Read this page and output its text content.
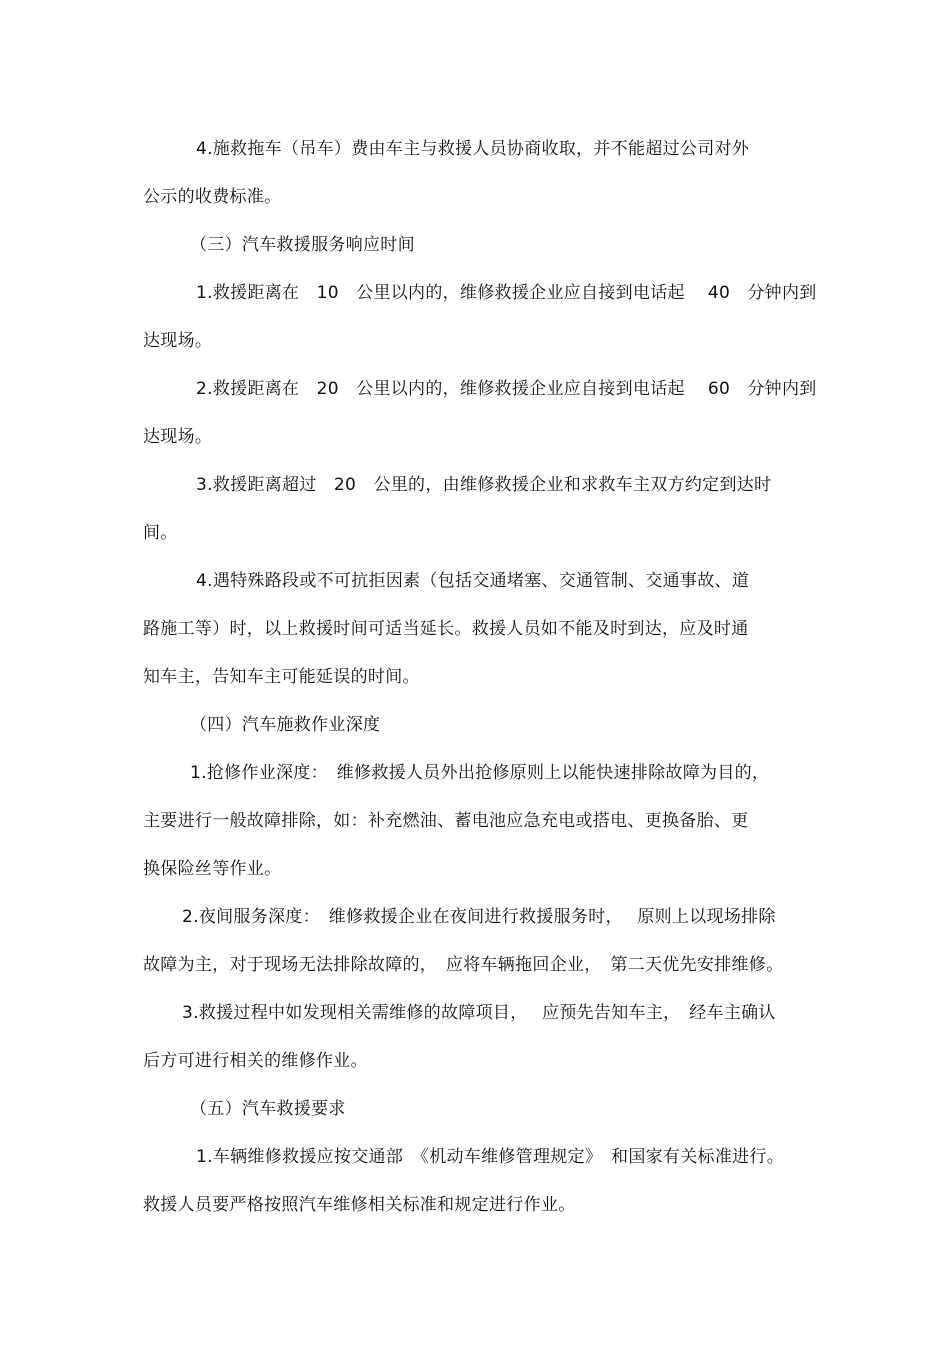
4.施救拖车（吊车）费由车主与救援人员协商收取，并不能超过公司对外
公示的收费标准。
（三）汽车救援服务响应时间
1.救援距离在　10　公里以内的，维修救援企业应自接到电话起　 40　分钟内到
达现场。
2.救援距离在　20　公里以内的，维修救援企业应自接到电话起　 60　分钟内到
达现场。
3.救援距离超过　20　公里的，由维修救援企业和求救车主双方约定到达时
间。
4.遇特殊路段或不可抗拒因素（包括交通堵塞、交通管制、交通事故、道
路施工等）时，以上救援时间可适当延长。救援人员如不能及时到达，应及时通
知车主，告知车主可能延误的时间。
（四）汽车施救作业深度
1.抢修作业深度：　维修救援人员外出抢修原则上以能快速排除故障为目的，
主要进行一般故障排除，如：补充燃油、蓄电池应急充电或搭电、更换备胎、更
换保险丝等作业。
2.夜间服务深度：　维修救援企业在夜间进行救援服务时，　 原则上以现场排除
故障为主，对于现场无法排除故障的，　应将车辆拖回企业，　第二天优先安排维修。
3.救援过程中如发现相关需维修的故障项目，　 应预先告知车主，　经车主确认
后方可进行相关的维修作业。
（五）汽车救援要求
1.车辆维修救援应按交通部　《机动车维修管理规定》　和国家有关标准进行。
救援人员要严格按照汽车维修相关标准和规定进行作业。
